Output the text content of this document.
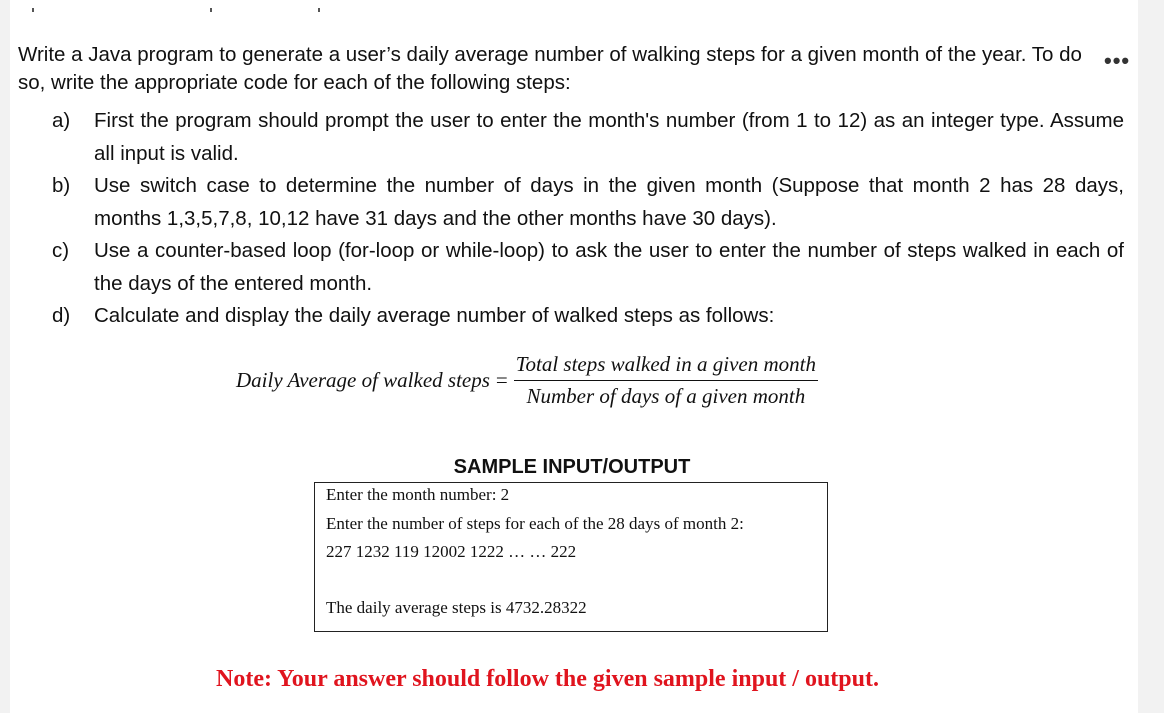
•••
Write a Java program to generate a user’s daily average number of walking steps for a given month of the year. To do so, write the appropriate code for each of the following steps:
a) First the program should prompt the user to enter the month's number (from 1 to 12) as an integer type. Assume all input is valid.
b) Use switch case to determine the number of days in the given month (Suppose that month 2 has 28 days, months 1,3,5,7,8, 10,12 have 31 days and the other months have 30 days).
c) Use a counter-based loop (for-loop or while-loop) to ask the user to enter the number of steps walked in each of the days of the entered month.
d) Calculate and display the daily average number of walked steps as follows:
Daily Average of walked steps = $\frac{\text{Total steps walked in a given month}}{\text{Number of days of a given month}}$
SAMPLE INPUT/OUTPUT
Enter the month number: 2
Enter the number of steps for each of the 28 days of month 2:
227 1232 119 12002 1222 … … 222
The daily average steps is 4732.28322
Note: Your answer should follow the given sample input / output.
